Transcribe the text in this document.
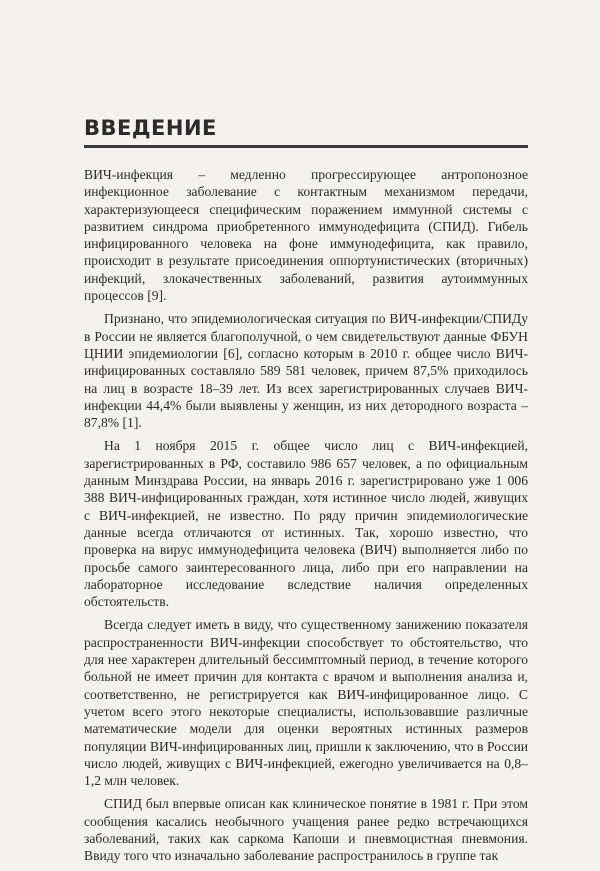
ВВЕДЕНИЕ

ВИЧ-инфекция – медленно прогрессирующее антропонозное инфекционное заболевание с контактным механизмом передачи, характеризующееся специфическим поражением иммунной системы с развитием синдрома приобретенного иммунодефицита (СПИД). Гибель инфицированного человека на фоне иммунодефицита, как правило, происходит в результате присоединения оппортунистических (вторичных) инфекций, злокачественных заболеваний, развития аутоиммунных процессов [9].

Признано, что эпидемиологическая ситуация по ВИЧ-инфекции/СПИДу в России не является благополучной, о чем свидетельствуют данные ФБУН ЦНИИ эпидемиологии [6], согласно которым в 2010 г. общее число ВИЧ-инфицированных составляло 589 581 человек, причем 87,5% приходилось на лиц в возрасте 18–39 лет. Из всех зарегистрированных случаев ВИЧ-инфекции 44,4% были выявлены у женщин, из них детородного возраста – 87,8% [1].

На 1 ноября 2015 г. общее число лиц с ВИЧ-инфекцией, зарегистрированных в РФ, составило 986 657 человек, а по официальным данным Минздрава России, на январь 2016 г. зарегистрировано уже 1 006 388 ВИЧ-инфицированных граждан, хотя истинное число людей, живущих с ВИЧ-инфекцией, не известно. По ряду причин эпидемиологические данные всегда отличаются от истинных. Так, хорошо известно, что проверка на вирус иммунодефицита человека (ВИЧ) выполняется либо по просьбе самого заинтересованного лица, либо при его направлении на лабораторное исследование вследствие наличия определенных обстоятельств.

Всегда следует иметь в виду, что существенному занижению показателя распространенности ВИЧ-инфекции способствует то обстоятельство, что для нее характерен длительный бессимптомный период, в течение которого больной не имеет причин для контакта с врачом и выполнения анализа и, соответственно, не регистрируется как ВИЧ-инфицированное лицо. С учетом всего этого некоторые специалисты, использовавшие различные математические модели для оценки вероятных истинных размеров популяции ВИЧ-инфицированных лиц, пришли к заключению, что в России число людей, живущих с ВИЧ-инфекцией, ежегодно увеличивается на 0,8–1,2 млн человек.

СПИД был впервые описан как клиническое понятие в 1981 г. При этом сообщения касались необычного учащения ранее редко встречающихся заболеваний, таких как саркома Капоши и пневмоцистная пневмония. Ввиду того что изначально заболевание распространилось в группе так
